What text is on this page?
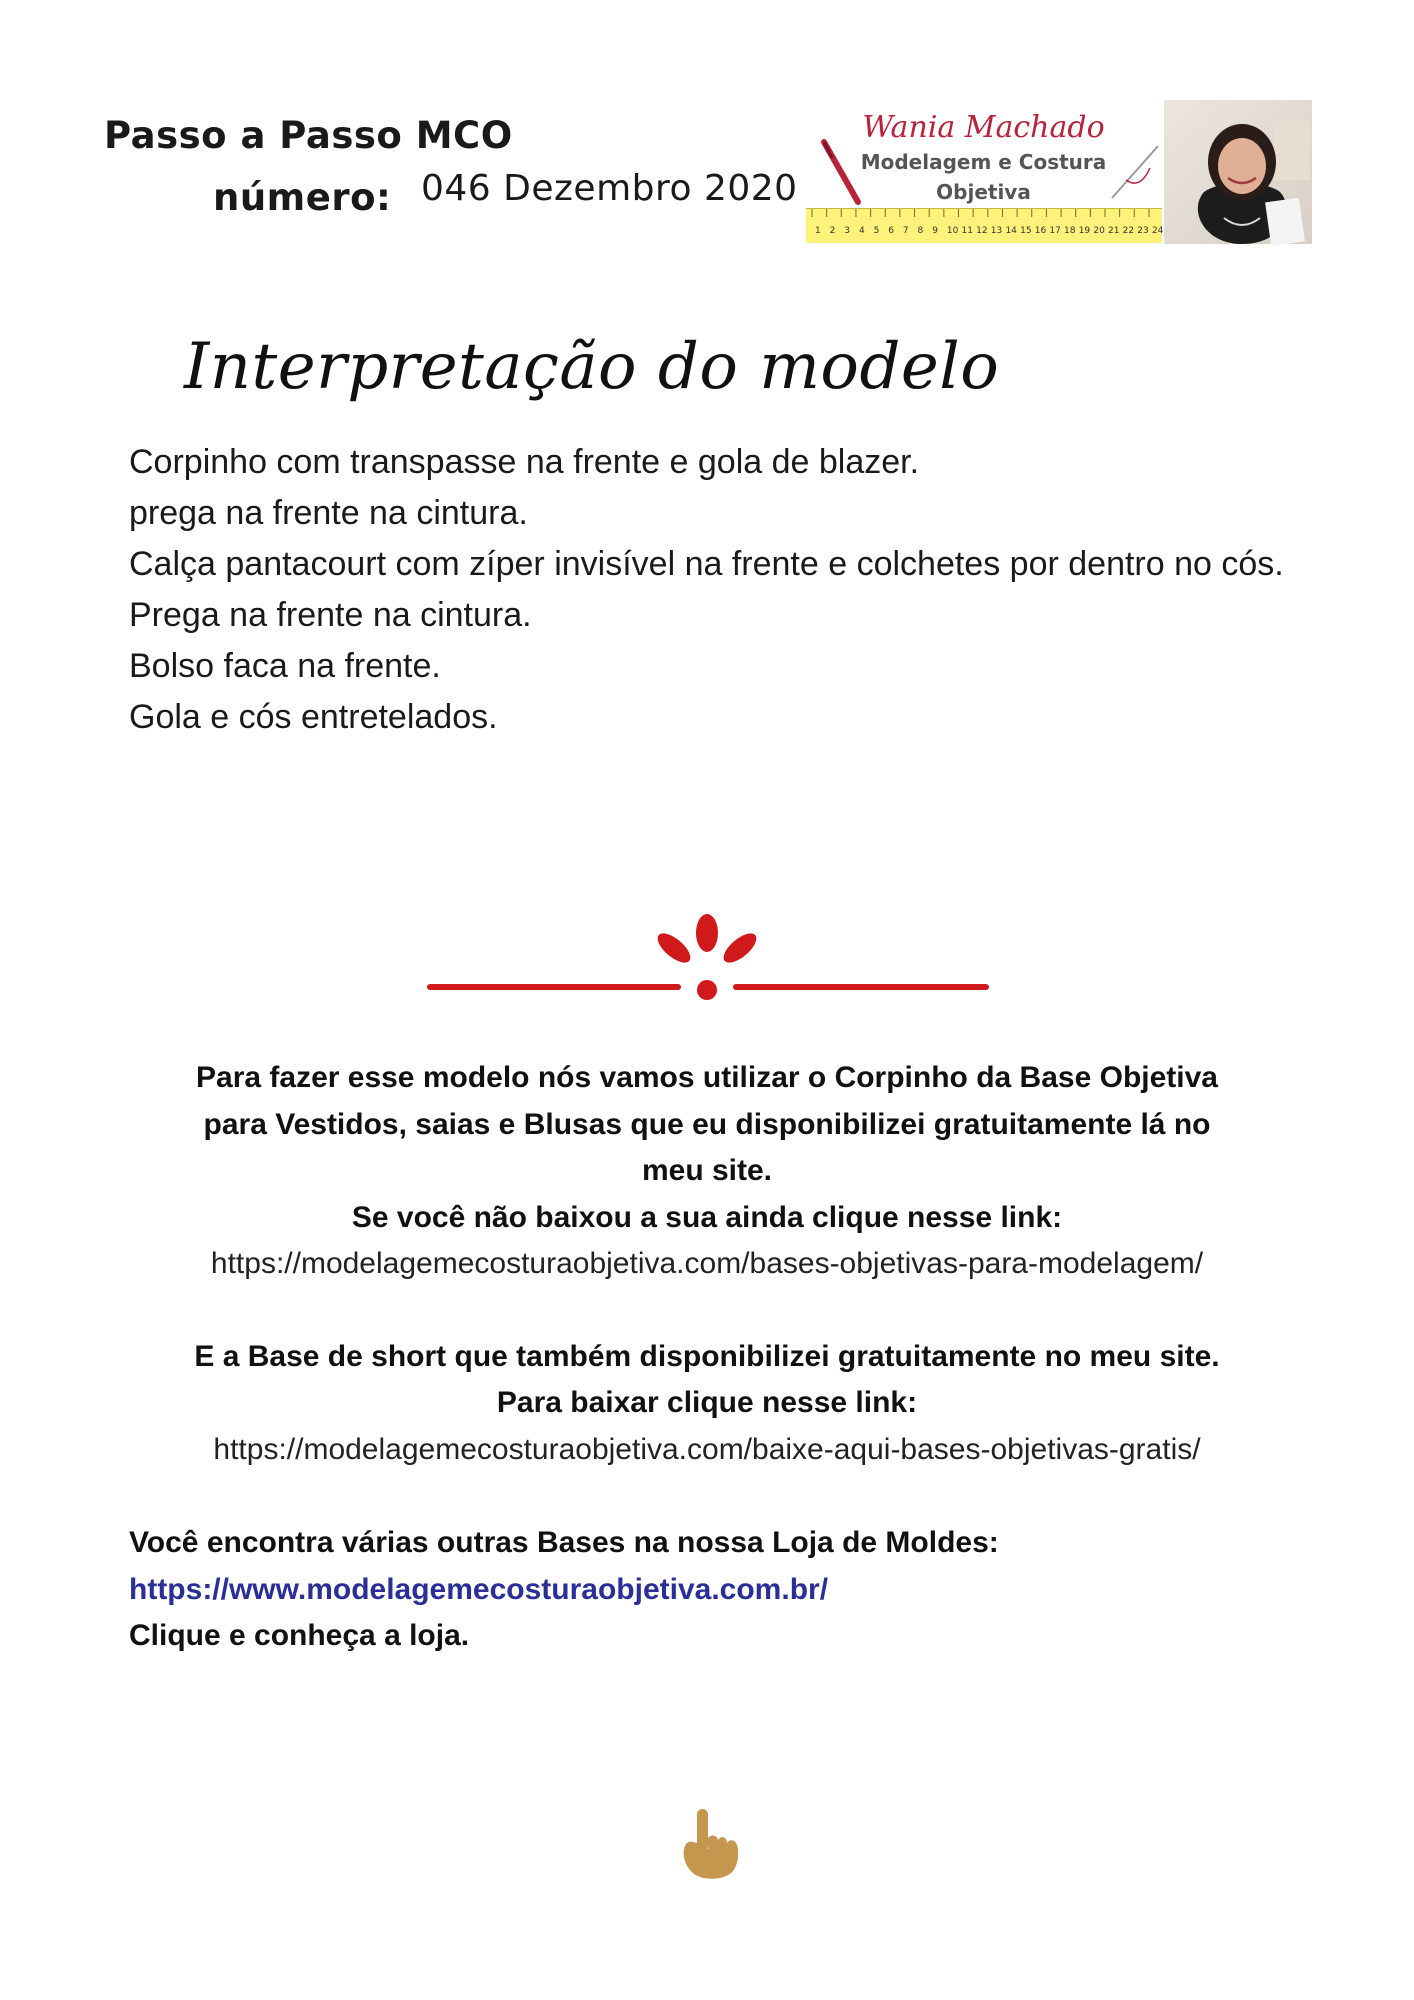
Passo a Passo MCO
número: 046 Dezembro 2020
Wania Machado
Modelagem e Costura
Objetiva
1 2 3 4 5 6 7 8 9 10 11 12 13 14 15 16 17 18 19 20 21 22 23 24
Interpretação do modelo
Corpinho com transpasse na frente e gola de blazer.
prega na frente na cintura.
Calça pantacourt com zíper invisível na frente e colchetes por dentro no cós.
Prega na frente na cintura.
Bolso faca na frente.
Gola e cós entretelados.
Para fazer esse modelo nós vamos utilizar o Corpinho da Base Objetiva
para Vestidos, saias e Blusas que eu disponibilizei gratuitamente lá no
meu site.
Se você não baixou a sua ainda clique nesse link:
https://modelagemecosturaobjetiva.com/bases-objetivas-para-modelagem/
E a Base de short que também disponibilizei gratuitamente no meu site.
Para baixar clique nesse link:
https://modelagemecosturaobjetiva.com/baixe-aqui-bases-objetivas-gratis/
Você encontra várias outras Bases na nossa Loja de Moldes:
https://www.modelagemecosturaobjetiva.com.br/
Clique e conheça a loja.
